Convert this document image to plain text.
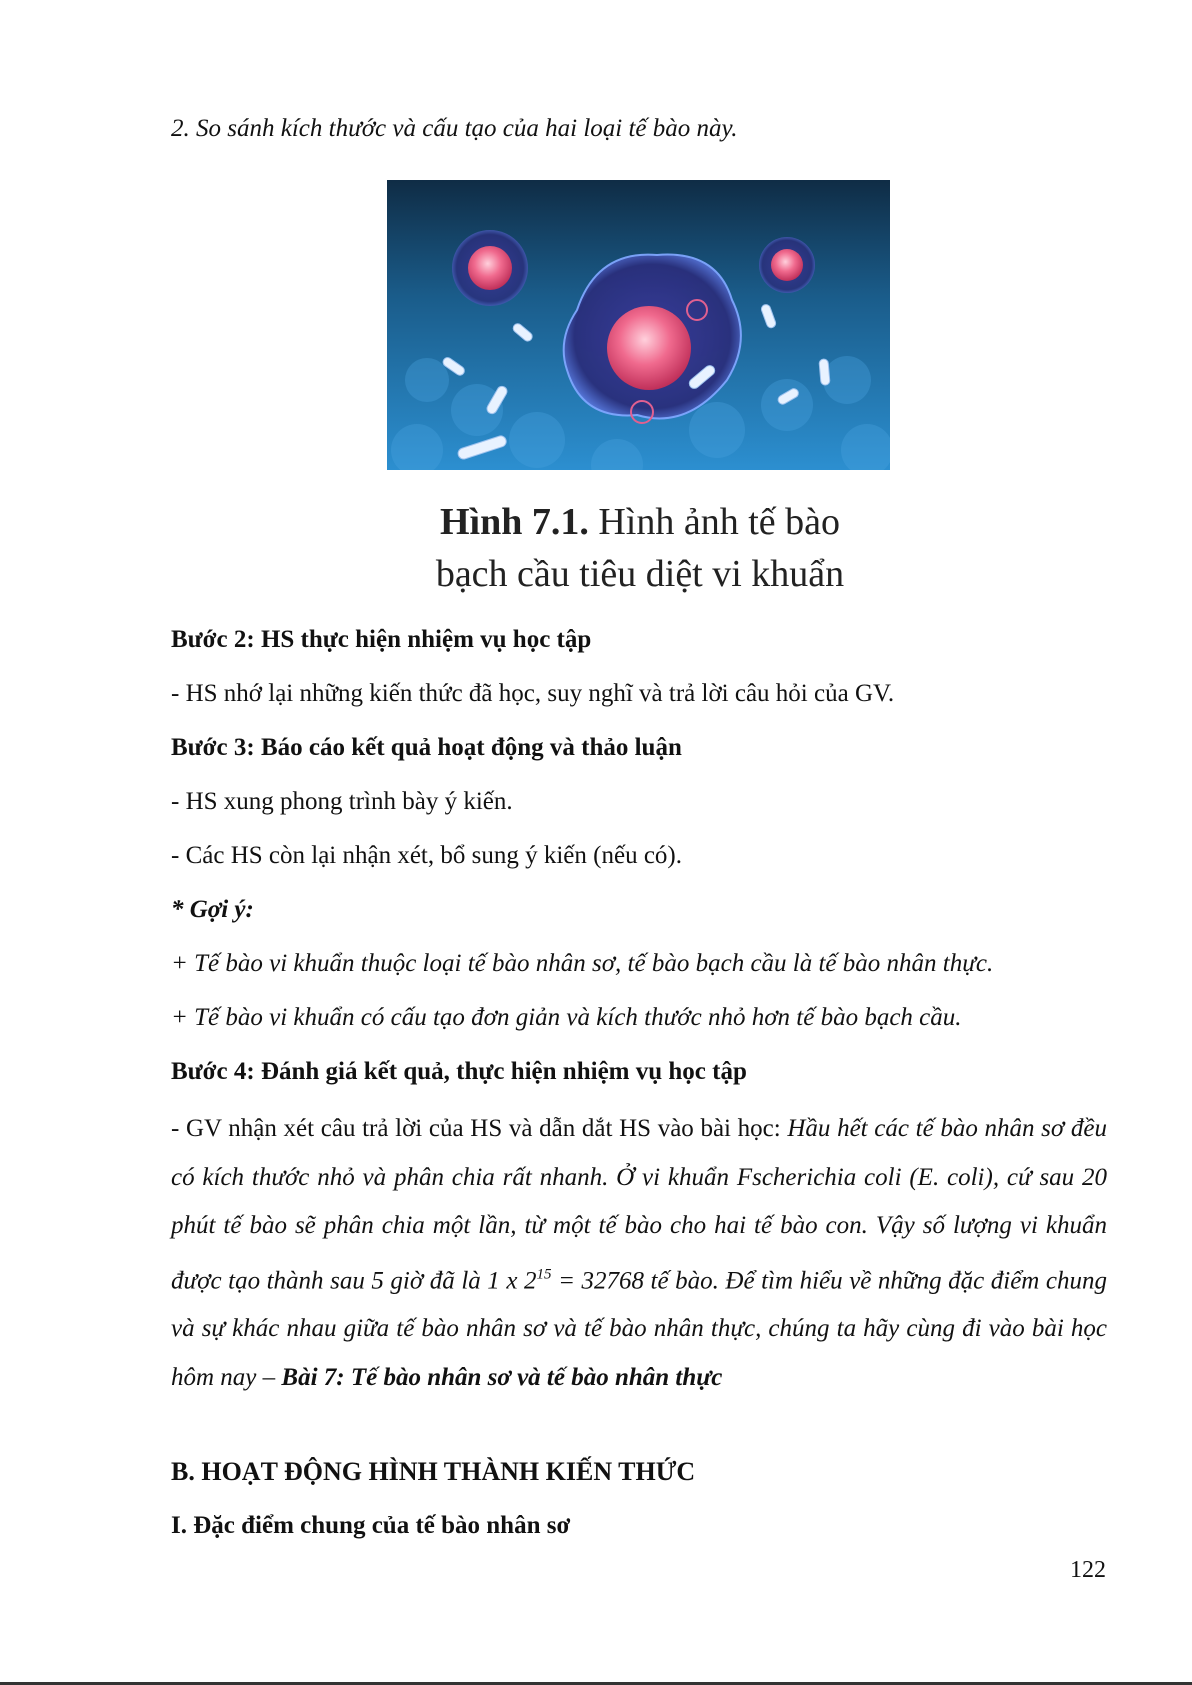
2. So sánh kích thước và cấu tạo của hai loại tế bào này.
Hình 7.1. Hình ảnh tế bào
bạch cầu tiêu diệt vi khuẩn
Bước 2: HS thực hiện nhiệm vụ học tập
- HS nhớ lại những kiến thức đã học, suy nghĩ và trả lời câu hỏi của GV.
Bước 3: Báo cáo kết quả hoạt động và thảo luận
- HS xung phong trình bày ý kiến.
- Các HS còn lại nhận xét, bổ sung ý kiến (nếu có).
* Gợi ý:
+ Tế bào vi khuẩn thuộc loại tế bào nhân sơ, tế bào bạch cầu là tế bào nhân thực.
+ Tế bào vi khuẩn có cấu tạo đơn giản và kích thước nhỏ hơn tế bào bạch cầu.
Bước 4: Đánh giá kết quả, thực hiện nhiệm vụ học tập
- GV nhận xét câu trả lời của HS và dẫn dắt HS vào bài học: Hầu hết các tế bào nhân sơ đều có kích thước nhỏ và phân chia rất nhanh. Ở vi khuẩn Fscherichia coli (E. coli), cứ sau 20 phút tế bào sẽ phân chia một lần, từ một tế bào cho hai tế bào con. Vậy số lượng vi khuẩn được tạo thành sau 5 giờ đã là 1 x $2^{15} = 32768$ tế bào. Để tìm hiểu về những đặc điểm chung và sự khác nhau giữa tế bào nhân sơ và tế bào nhân thực, chúng ta hãy cùng đi vào bài học hôm nay – Bài 7: Tế bào nhân sơ và tế bào nhân thực
B. HOẠT ĐỘNG HÌNH THÀNH KIẾN THỨC
I. Đặc điểm chung của tế bào nhân sơ
122
